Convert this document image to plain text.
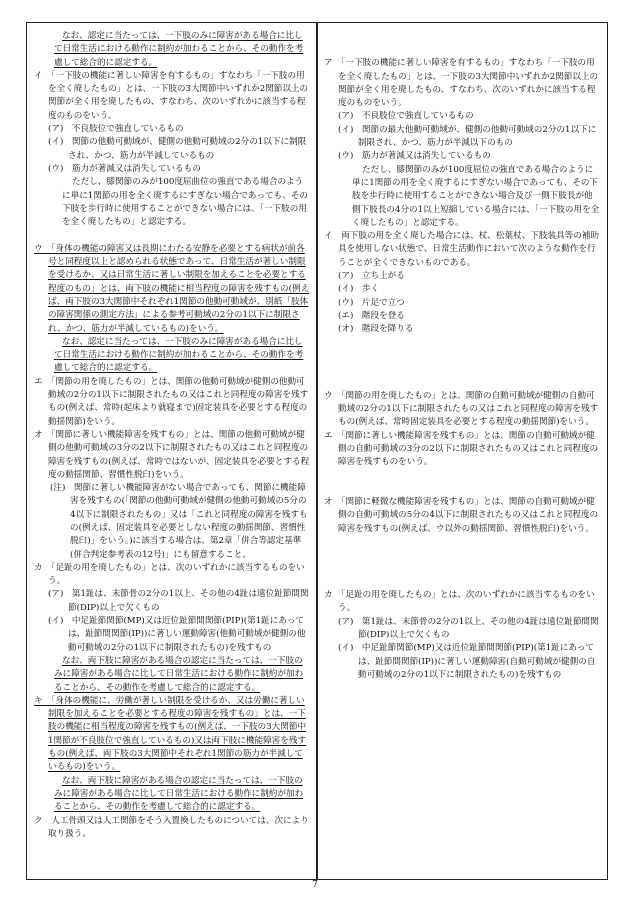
なお、認定に当たっては、一下肢のみに障害がある場合に比して日常生活における動作に制約が加わることから、その動作を考慮して総合的に認定する。

イ　「一下肢の機能に著しい障害を有するもの」すなわち「一下肢の用を全く廃したもの」とは、一下肢の3大関節中いずれか2関節以上の関節が全く用を廃したもの、すなわち、次のいずれかに該当する程度のものをいう。

(ア)　不良肢位で強直しているもの

(イ)　関節の他動可動域が、健側の他動可動域の2分の1以下に制限され、かつ、筋力が半減しているもの

(ウ)　筋力が著減又は消失しているもの

ただし、膝関節のみが100度屈曲位の強直である場合のように単に1関節の用を全く廃するにすぎない場合であっても、その下肢を歩行時に使用することができない場合には、「一下肢の用を全く廃したもの」と認定する。

ウ　「身体の機能の障害又は長期にわたる安静を必要とする病状が前各号と同程度以上と認められる状態であって、日常生活が著しい制限を受けるか、又は日常生活に著しい制限を加えることを必要とする程度のもの」とは、両下肢の機能に相当程度の障害を残すもの(例えば、両下肢の3大関節中それぞれ1関節の他動可動域が、別紙「肢体の障害関係の測定方法」による参考可動域の2分の1以下に制限され、かつ、筋力が半減しているもの)をいう。

なお、認定に当たっては、一下肢のみに障害がある場合に比して日常生活における動作に制約が加わることから、その動作を考慮して総合的に認定する。

エ　「関節の用を廃したもの」とは、関節の他動可動域が健側の他動可動域の2分の1以下に制限されたもの又はこれと同程度の障害を残すもの(例えば、常時(起床より就寝まで)固定装具を必要とする程度の動揺関節)をいう。

オ　「関節に著しい機能障害を残すもの」とは、関節の他動可動域が健側の他動可動域の3分の2以下に制限されたもの又はこれと同程度の障害を残すもの(例えば、常時ではないが、固定装具を必要とする程度の動揺関節、習慣性脱臼)をいう。

(注)　関節に著しい機能障害がない場合であっても、関節に機能障害を残すもの(「関節の他動可動域が健側の他動可動域の5分の4以下に制限されたもの」又は「これと同程度の障害を残すもの(例えば、固定装具を必要としない程度の動揺関節、習慣性脱臼)」をいう。)に該当する場合は、第2章「併合等認定基準(併合判定参考表の12号)」にも留意すること。

カ　「足趾の用を廃したもの」とは、次のいずれかに該当するものをいう。

(ア)　第1趾は、末節骨の2分の1以上、その他の4趾は遠位趾節間関節(DIP)以上で欠くもの

(イ)　中足趾節関節(MP)又は近位趾節間関節(PIP)(第1趾にあっては、趾節間関節(IP))に著しい運動障害(他動可動域が健側の他動可動域の2分の1以下に制限されたもの)を残すもの

なお、両下肢に障害がある場合の認定に当たっては、一下肢のみに障害がある場合に比して日常生活における動作に制約が加わることから、その動作を考慮して総合的に認定する。

キ　「身体の機能に、労働が著しい制限を受けるか、又は労働に著しい制限を加えることを必要とする程度の障害を残すもの」とは、一下肢の機能に相当程度の障害を残すもの(例えば、一下肢の3大関節中1関節が不良肢位で強直しているもの)又は両下肢に機能障害を残すもの(例えば、両下肢の3大関節中それぞれ1関節の筋力が半減しているもの)をいう。

なお、両下肢に障害がある場合の認定に当たっては、一下肢のみに障害がある場合に比して日常生活における動作に制約が加わることから、その動作を考慮して総合的に認定する。

ク　人工骨頭又は人工関節をそう入置換したものについては、次により取り扱う。

ア　「一下肢の機能に著しい障害を有するもの」すなわち「一下肢の用を全く廃したもの」とは、一下肢の3大関節中いずれか2関節以上の関節が全く用を廃したもの、すなわち、次のいずれかに該当する程度のものをいう。

(ア)　不良肢位で強直しているもの

(イ)　関節の最大他動可動域が、健側の他動可動域の2分の1以下に制限され、かつ、筋力が半減以下のもの

(ウ)　筋力が著減又は消失しているもの

ただし、膝関節のみが100度屈位の強直である場合のように単に1関節の用を全く廃するにすぎない場合であっても、その下肢を歩行時に使用することができない場合及び一側下肢長が他側下肢長の4分の1以上短縮している場合には、「一下肢の用を全く廃したもの」と認定する。

イ　両下肢の用を全く廃した場合には、杖、松葉杖、下肢装具等の補助具を使用しない状態で、日常生活動作において次のような動作を行うことが全くできないものである。

(ア)　立ち上がる

(イ)　歩く

(ウ)　片足で立つ

(エ)　階段を登る

(オ)　階段を降りる

ウ　「関節の用を廃したもの」とは、関節の自動可動域が健側の自動可動域の2分の1以下に制限されたもの又はこれと同程度の障害を残すもの(例えば、常時固定装具を必要とする程度の動揺関節)をいう。

エ　「関節に著しい機能障害を残すもの」とは、関節の自動可動域が健側の自動可動域の3分の2以下に制限されたもの又はこれと同程度の障害を残すものをいう。

オ　「関節に軽微な機能障害を残すもの」とは、関節の自動可動域が健側の自動可動域の5分の4以下に制限されたもの又はこれと同程度の障害を残すもの(例えば、ウ以外の動揺関節、習慣性脱臼)をいう。

カ　「足趾の用を廃したもの」とは、次のいずれかに該当するものをいう。

(ア)　第1趾は、末節骨の2分の1以上、その他の4趾は遠位趾節間関節(DIP)以上で欠くもの

(イ)　中足趾節関節(MP)又は近位趾節間関節(PIP)(第1趾にあっては、趾節間関節(IP))に著しい運動障害(自動可動域が健側の自動可動域の2分の1以下に制限されたもの)を残すもの

7
